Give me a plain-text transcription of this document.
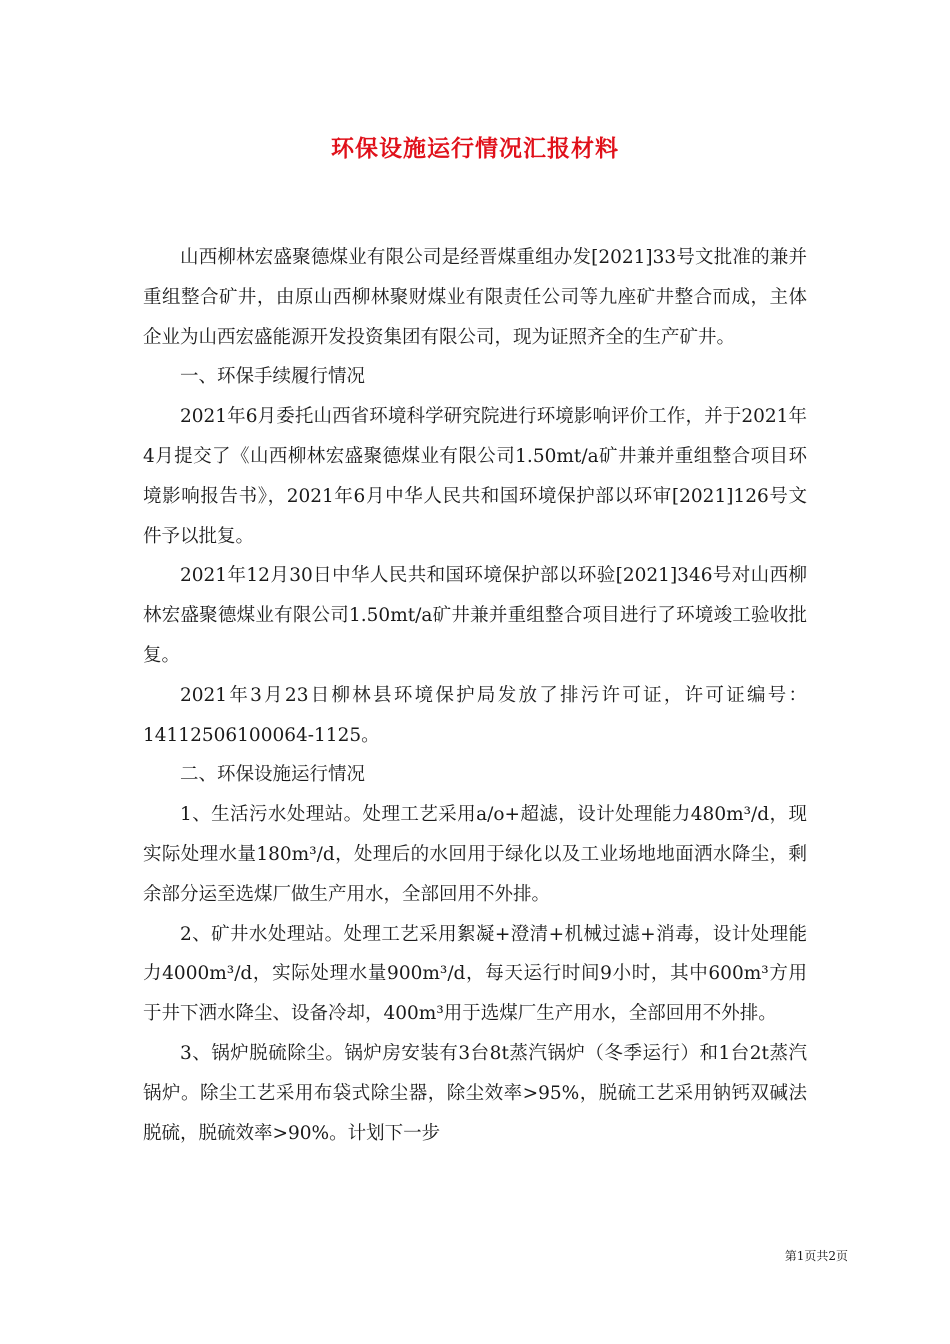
环保设施运行情况汇报材料

山西柳林宏盛聚德煤业有限公司是经晋煤重组办发[2021]33号文批准的兼并重组整合矿井，由原山西柳林聚财煤业有限责任公司等九座矿井整合而成，主体企业为山西宏盛能源开发投资集团有限公司，现为证照齐全的生产矿井。

一、环保手续履行情况

2021年6月委托山西省环境科学研究院进行环境影响评价工作，并于2021年4月提交了《山西柳林宏盛聚德煤业有限公司1.50mt/a矿井兼并重组整合项目环境影响报告书》，2021年6月中华人民共和国环境保护部以环审[2021]126号文件予以批复。

2021年12月30日中华人民共和国环境保护部以环验[2021]346号对山西柳林宏盛聚德煤业有限公司1.50mt/a矿井兼并重组整合项目进行了环境竣工验收批复。

2021年3月23日柳林县环境保护局发放了排污许可证，许可证编号：14112506100064-1125。

二、环保设施运行情况

1、生活污水处理站。处理工艺采用a/o+超滤，设计处理能力480m³/d，现实际处理水量180m³/d，处理后的水回用于绿化以及工业场地地面洒水降尘，剩余部分运至选煤厂做生产用水，全部回用不外排。

2、矿井水处理站。处理工艺采用絮凝+澄清+机械过滤+消毒，设计处理能力4000m³/d，实际处理水量900m³/d，每天运行时间9小时，其中600m³方用于井下洒水降尘、设备冷却，400m³用于选煤厂生产用水，全部回用不外排。

3、锅炉脱硫除尘。锅炉房安装有3台8t蒸汽锅炉（冬季运行）和1台2t蒸汽锅炉。除尘工艺采用布袋式除尘器，除尘效率>95%，脱硫工艺采用钠钙双碱法脱硫，脱硫效率>90%。计划下一步

第1页共2页
